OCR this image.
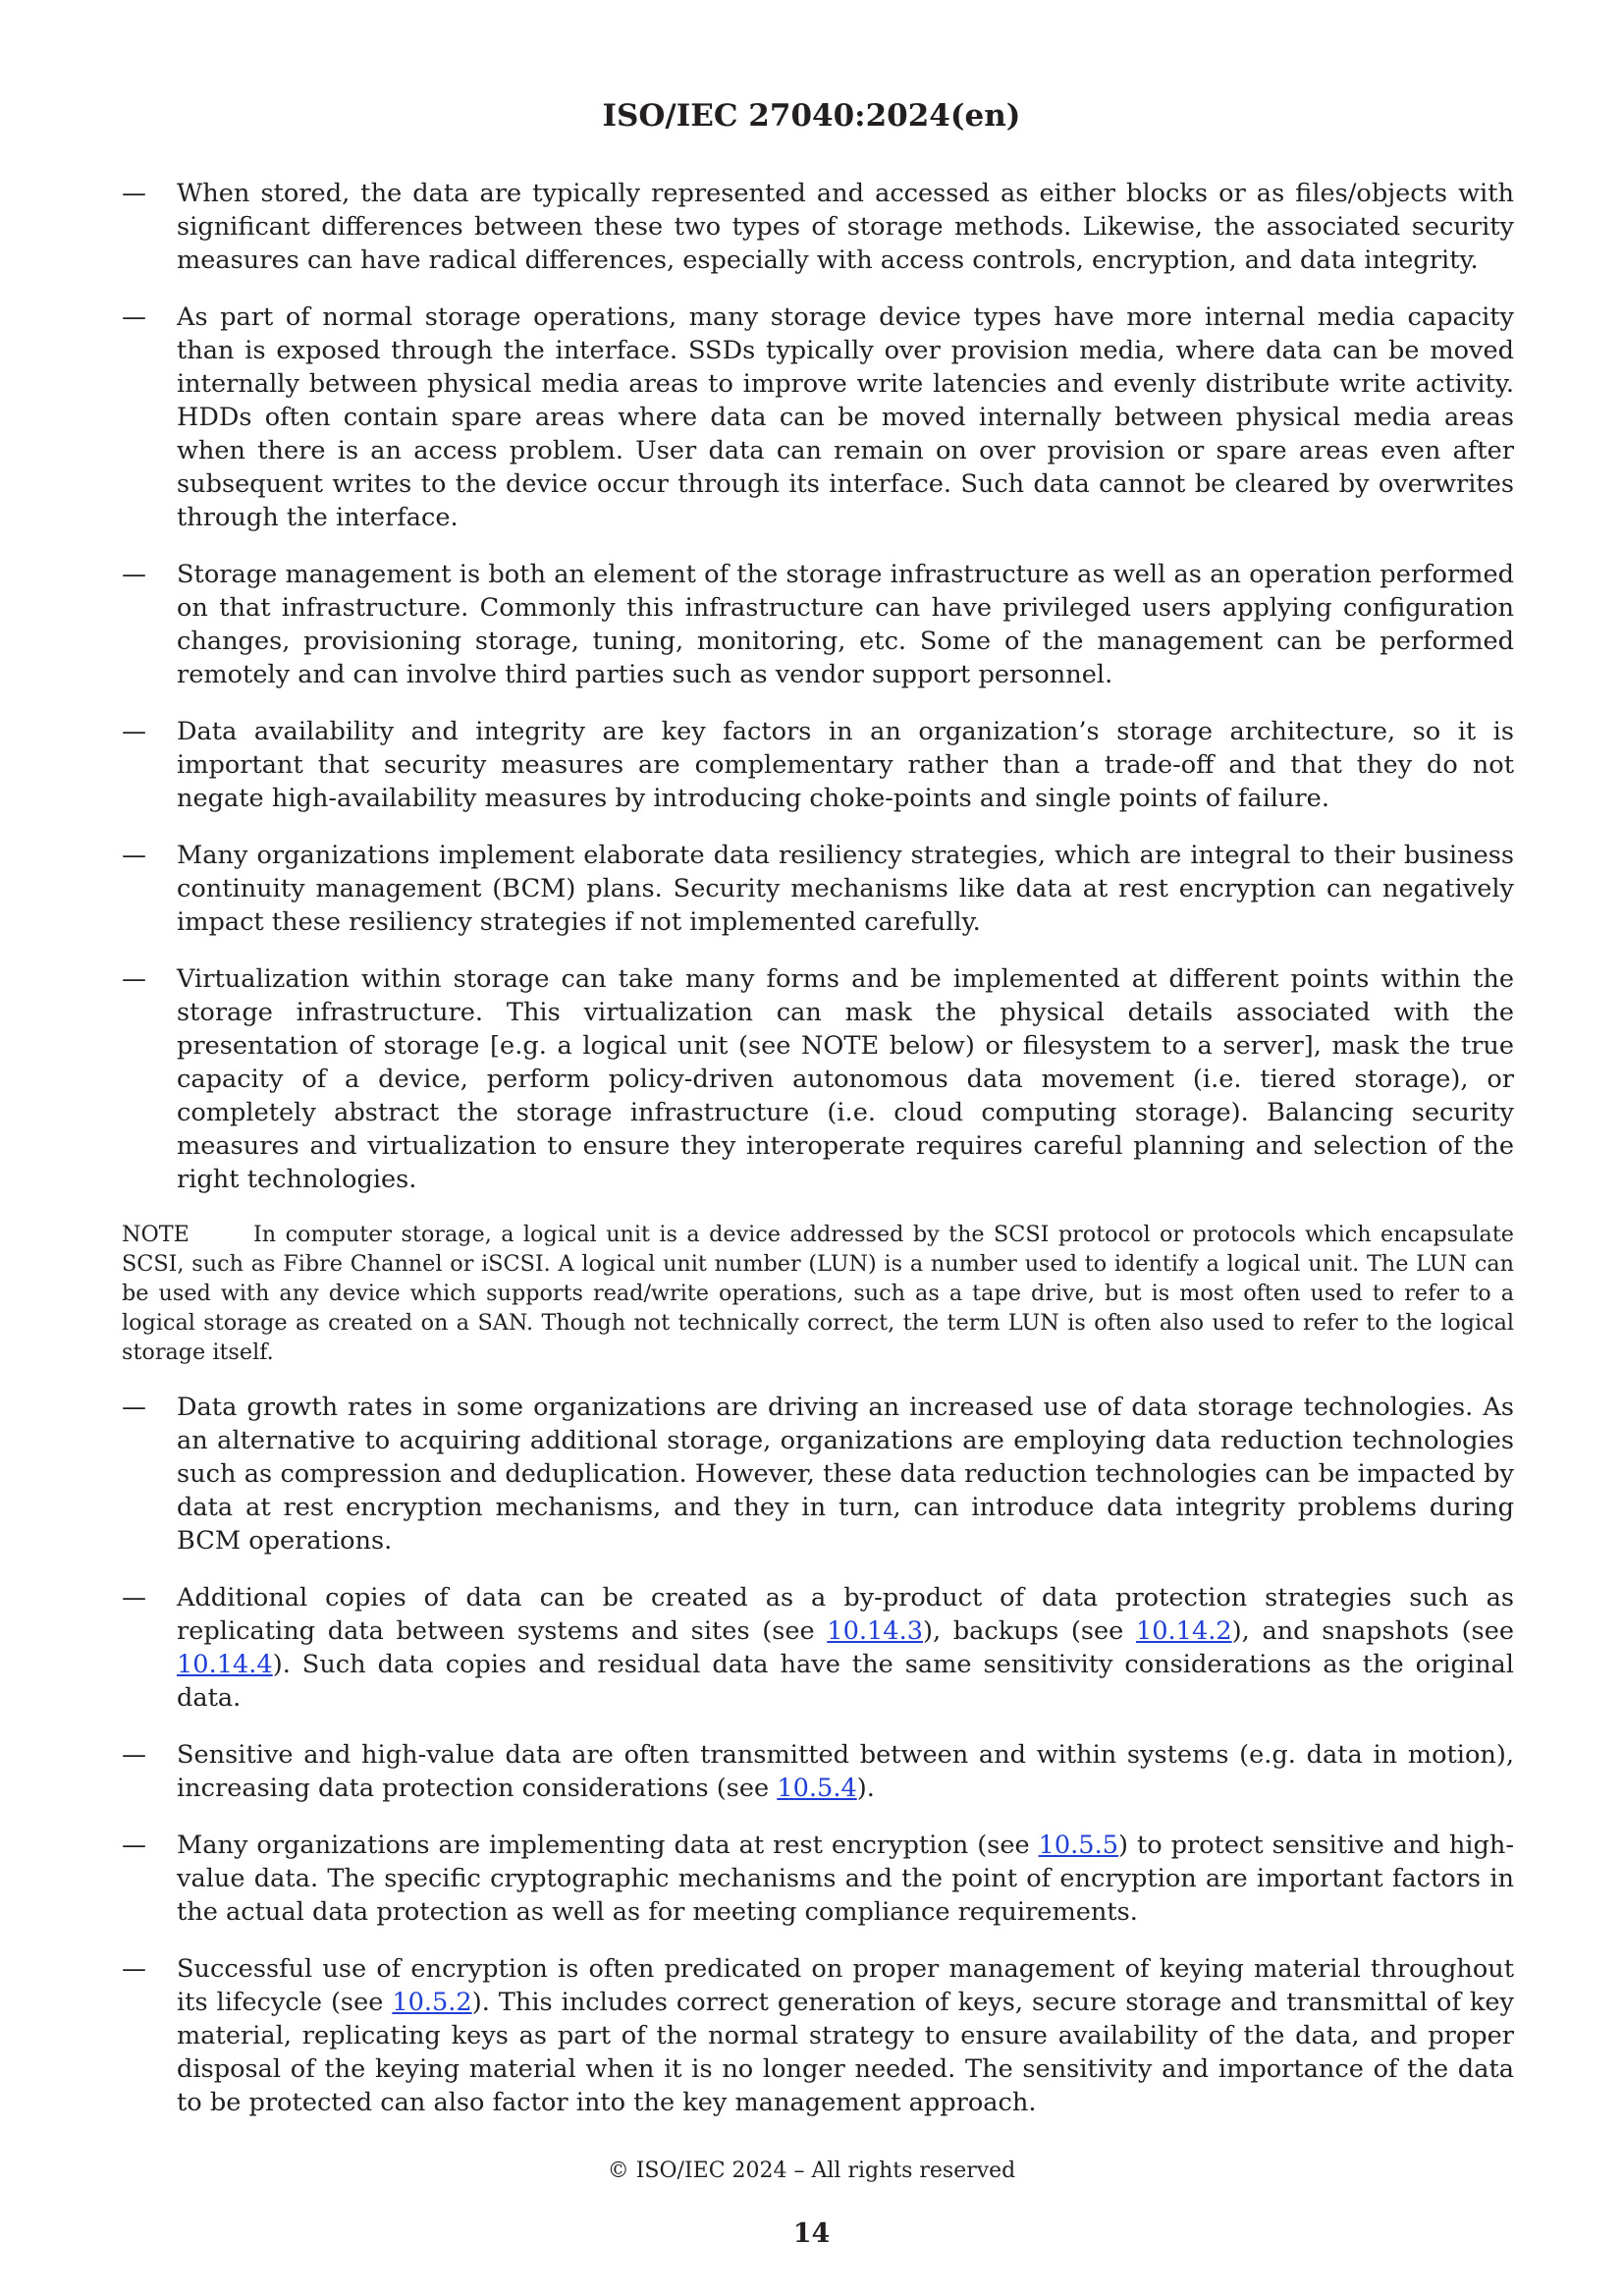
ISO/IEC 27040:2024(en)
— When stored, the data are typically represented and accessed as either blocks or as files/objects with significant differences between these two types of storage methods. Likewise, the associated security measures can have radical differences, especially with access controls, encryption, and data integrity.
— As part of normal storage operations, many storage device types have more internal media capacity than is exposed through the interface. SSDs typically over provision media, where data can be moved internally between physical media areas to improve write latencies and evenly distribute write activity. HDDs often contain spare areas where data can be moved internally between physical media areas when there is an access problem. User data can remain on over provision or spare areas even after subsequent writes to the device occur through its interface. Such data cannot be cleared by overwrites through the interface.
— Storage management is both an element of the storage infrastructure as well as an operation performed on that infrastructure. Commonly this infrastructure can have privileged users applying configuration changes, provisioning storage, tuning, monitoring, etc. Some of the management can be performed remotely and can involve third parties such as vendor support personnel.
— Data availability and integrity are key factors in an organization’s storage architecture, so it is important that security measures are complementary rather than a trade-off and that they do not negate high-availability measures by introducing choke-points and single points of failure.
— Many organizations implement elaborate data resiliency strategies, which are integral to their business continuity management (BCM) plans. Security mechanisms like data at rest encryption can negatively impact these resiliency strategies if not implemented carefully.
— Virtualization within storage can take many forms and be implemented at different points within the storage infrastructure. This virtualization can mask the physical details associated with the presentation of storage [e.g. a logical unit (see NOTE below) or filesystem to a server], mask the true capacity of a device, perform policy-driven autonomous data movement (i.e. tiered storage), or completely abstract the storage infrastructure (i.e. cloud computing storage). Balancing security measures and virtualization to ensure they interoperate requires careful planning and selection of the right technologies.
NOTE	In computer storage, a logical unit is a device addressed by the SCSI protocol or protocols which encapsulate SCSI, such as Fibre Channel or iSCSI. A logical unit number (LUN) is a number used to identify a logical unit. The LUN can be used with any device which supports read/write operations, such as a tape drive, but is most often used to refer to a logical storage as created on a SAN. Though not technically correct, the term LUN is often also used to refer to the logical storage itself.
— Data growth rates in some organizations are driving an increased use of data storage technologies. As an alternative to acquiring additional storage, organizations are employing data reduction technologies such as compression and deduplication. However, these data reduction technologies can be impacted by data at rest encryption mechanisms, and they in turn, can introduce data integrity problems during BCM operations.
— Additional copies of data can be created as a by-product of data protection strategies such as replicating data between systems and sites (see 10.14.3), backups (see 10.14.2), and snapshots (see 10.14.4). Such data copies and residual data have the same sensitivity considerations as the original data.
— Sensitive and high-value data are often transmitted between and within systems (e.g. data in motion), increasing data protection considerations (see 10.5.4).
— Many organizations are implementing data at rest encryption (see 10.5.5) to protect sensitive and high-value data. The specific cryptographic mechanisms and the point of encryption are important factors in the actual data protection as well as for meeting compliance requirements.
— Successful use of encryption is often predicated on proper management of keying material throughout its lifecycle (see 10.5.2). This includes correct generation of keys, secure storage and transmittal of key material, replicating keys as part of the normal strategy to ensure availability of the data, and proper disposal of the keying material when it is no longer needed. The sensitivity and importance of the data to be protected can also factor into the key management approach.
© ISO/IEC 2024 – All rights reserved
14
